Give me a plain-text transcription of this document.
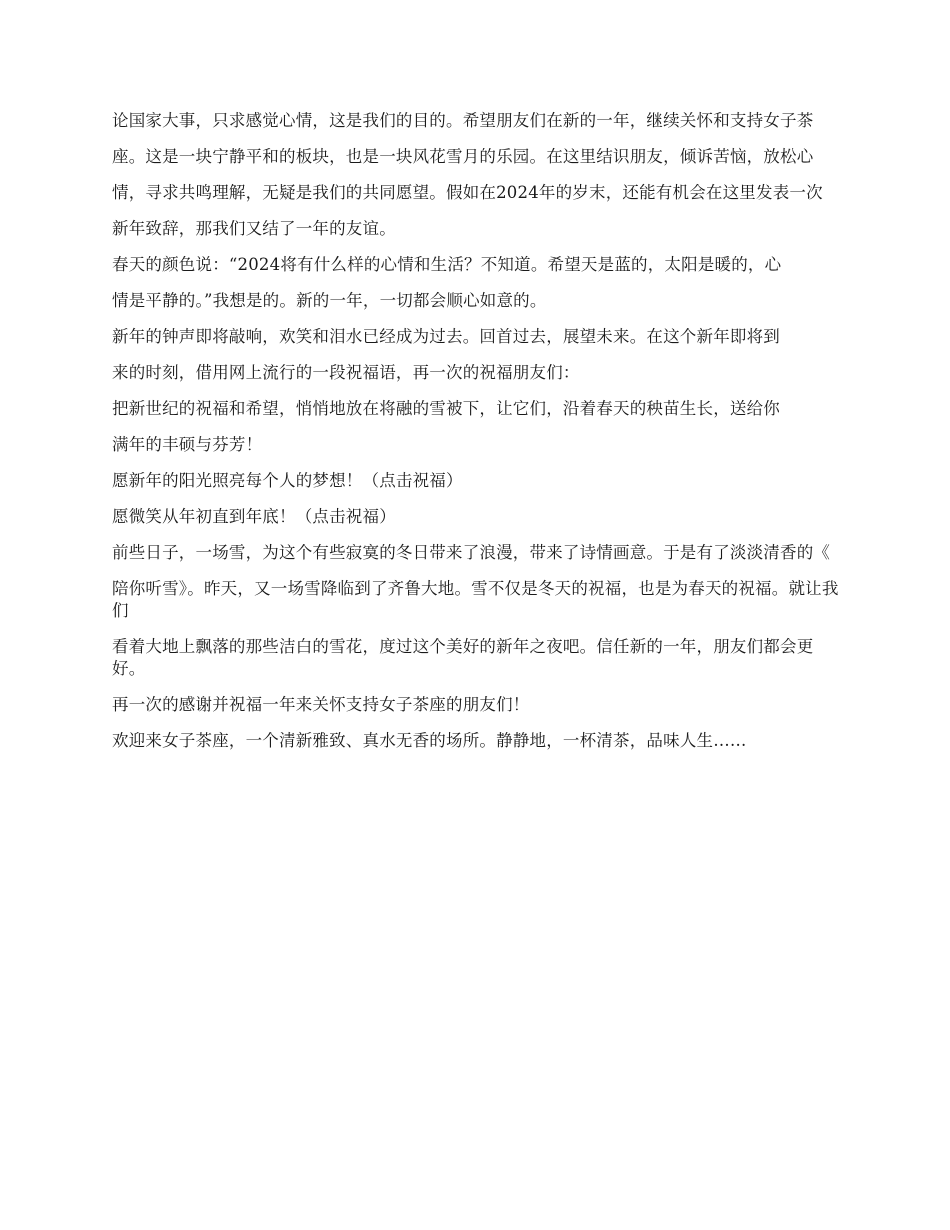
论国家大事，只求感觉心情，这是我们的目的。希望朋友们在新的一年，继续关怀和支持女子茶

座。这是一块宁静平和的板块，也是一块风花雪月的乐园。在这里结识朋友，倾诉苦恼，放松心

情，寻求共鸣理解，无疑是我们的共同愿望。假如在2024年的岁末，还能有机会在这里发表一次

新年致辞，那我们又结了一年的友谊。

春天的颜色说：“2024将有什么样的心情和生活？不知道。希望天是蓝的，太阳是暖的，心

情是平静的。”我想是的。新的一年，一切都会顺心如意的。

新年的钟声即将敲响，欢笑和泪水已经成为过去。回首过去，展望未来。在这个新年即将到

来的时刻，借用网上流行的一段祝福语，再一次的祝福朋友们：

把新世纪的祝福和希望，悄悄地放在将融的雪被下，让它们，沿着春天的秧苗生长，送给你

满年的丰硕与芬芳！

愿新年的阳光照亮每个人的梦想！（点击祝福）

愿微笑从年初直到年底！（点击祝福）

前些日子，一场雪，为这个有些寂寞的冬日带来了浪漫，带来了诗情画意。于是有了淡淡清香的《

陪你听雪》。昨天，又一场雪降临到了齐鲁大地。雪不仅是冬天的祝福，也是为春天的祝福。就让我们

看着大地上飘落的那些洁白的雪花，度过这个美好的新年之夜吧。信任新的一年，朋友们都会更好。

再一次的感谢并祝福一年来关怀支持女子茶座的朋友们！

欢迎来女子茶座，一个清新雅致、真水无香的场所。静静地，一杯清茶，品味人生……
